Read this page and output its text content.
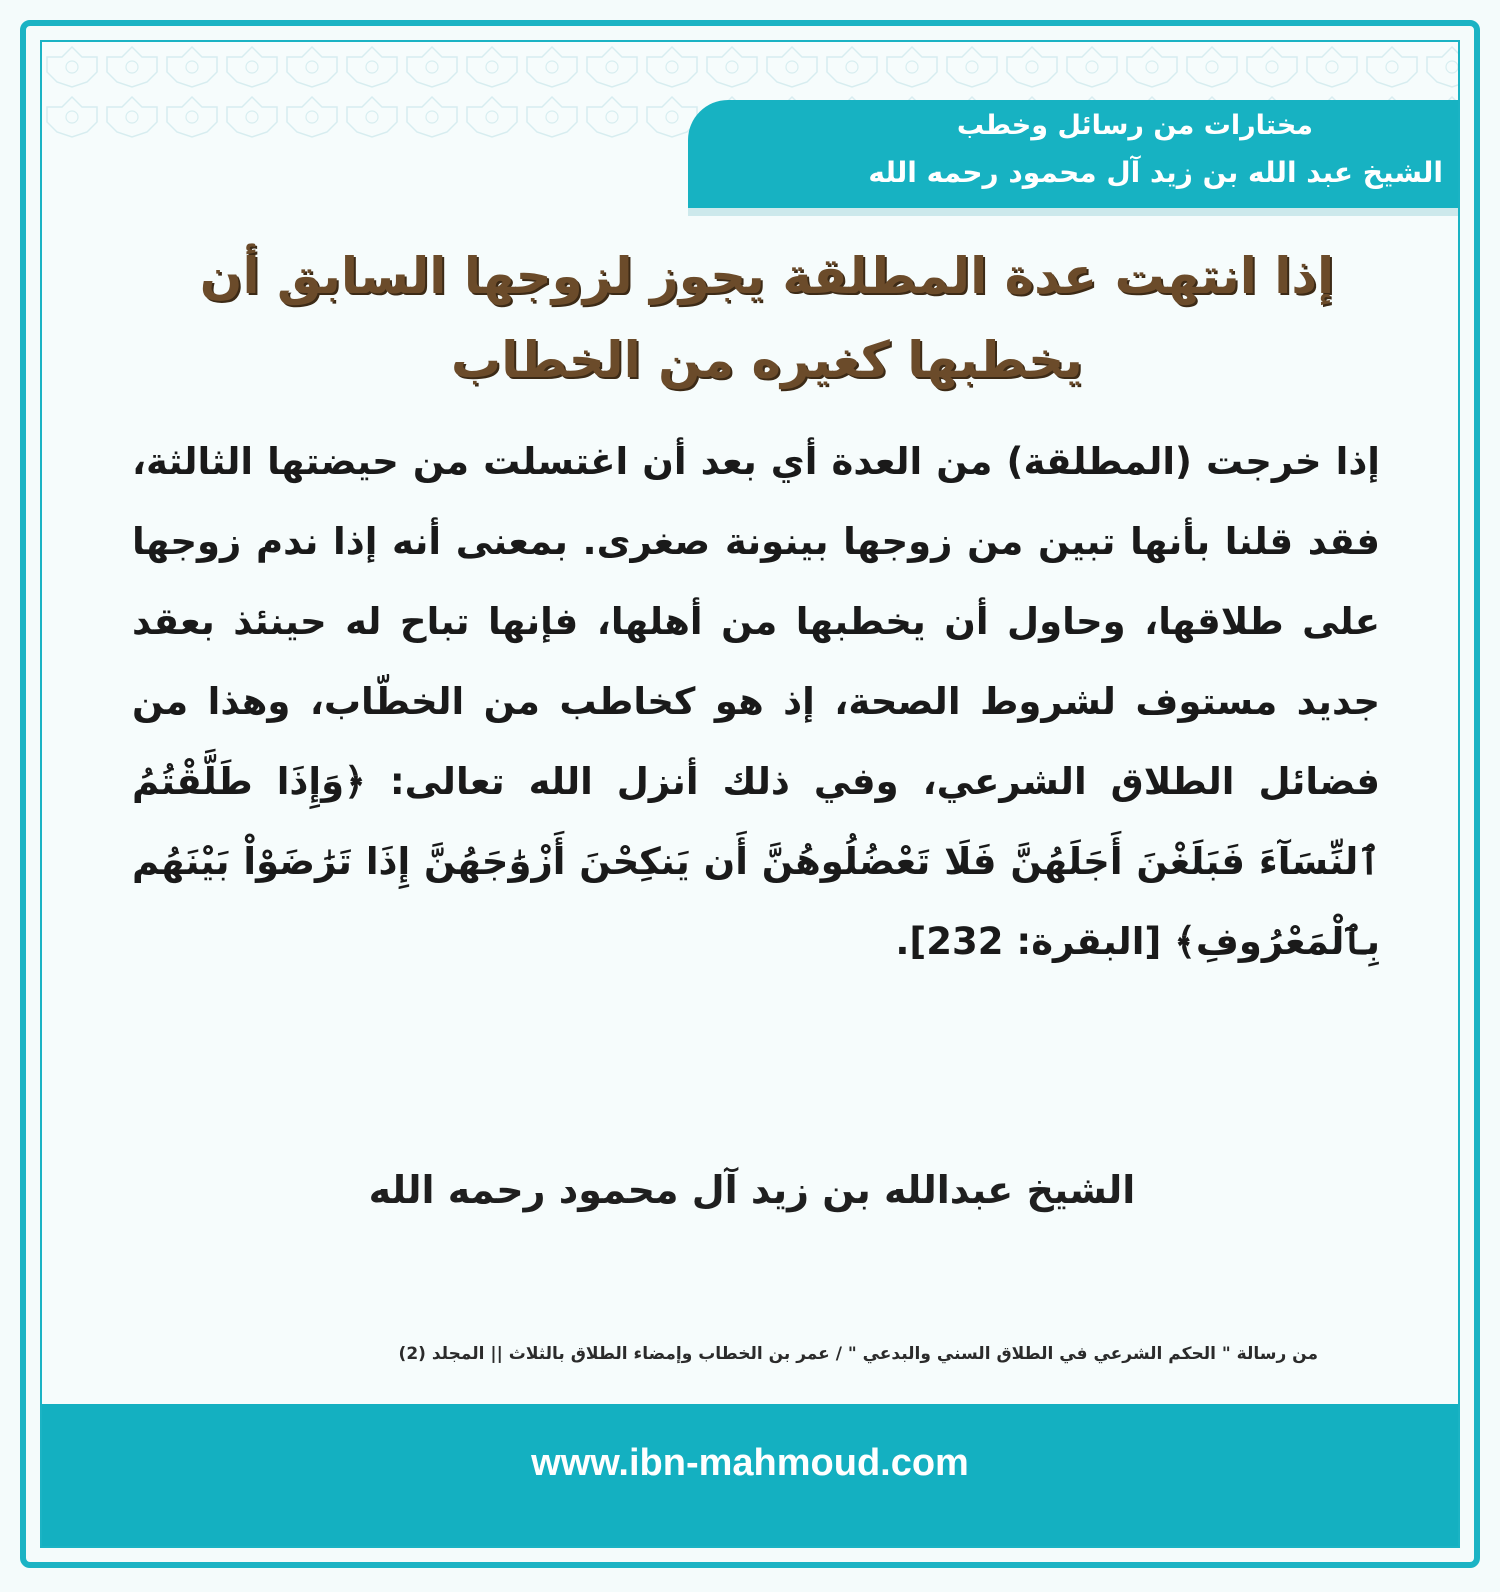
مختارات من رسائل وخطب
الشيخ عبد الله بن زيد آل محمود رحمه الله
إذا انتهت عدة المطلقة يجوز لزوجها السابق أن يخطبها كغيره من الخطاب
إذا خرجت (المطلقة) من العدة أي بعد أن اغتسلت من حيضتها الثالثة، فقد قلنا بأنها تبين من زوجها بينونة صغرى. بمعنى أنه إذا ندم زوجها على طلاقها، وحاول أن يخطبها من أهلها، فإنها تباح له حينئذ بعقد جديد مستوف لشروط الصحة، إذ هو كخاطب من الخطّاب، وهذا من فضائل الطلاق الشرعي، وفي ذلك أنزل الله تعالى: ﴿وَإِذَا طَلَّقْتُمُ ٱلنِّسَآءَ فَبَلَغْنَ أَجَلَهُنَّ فَلَا تَعْضُلُوهُنَّ أَن يَنكِحْنَ أَزْوَٰجَهُنَّ إِذَا تَرَٰضَوْاْ بَيْنَهُم بِٱلْمَعْرُوفِ﴾ [البقرة: 232].
الشيخ عبدالله بن زيد آل محمود رحمه الله
من رسالة " الحكم الشرعي في الطلاق السني والبدعي " / عمر بن الخطاب وإمضاء الطلاق بالثلاث || المجلد (2)
www.ibn-mahmoud.com
